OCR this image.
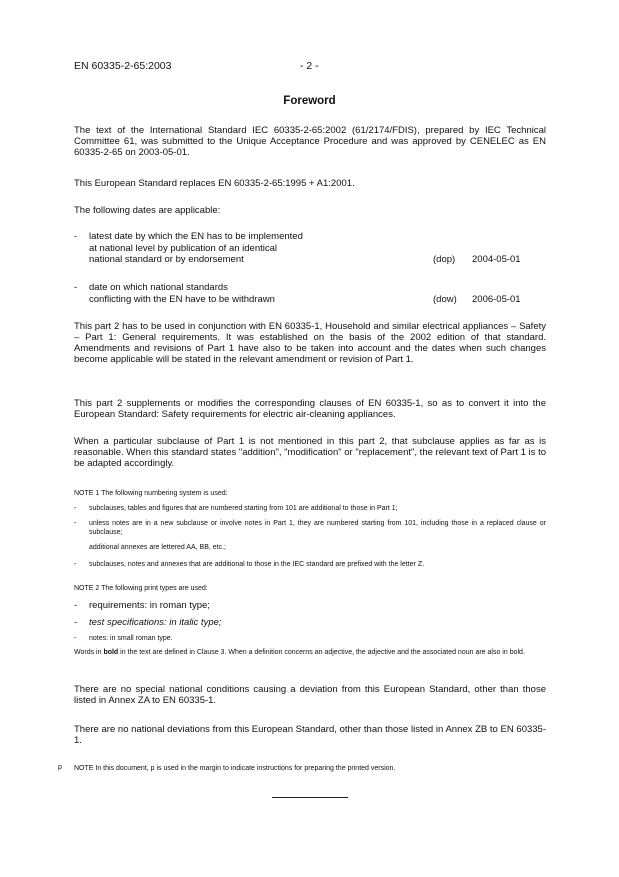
EN 60335-2-65:2003	- 2 -
Foreword

The text of the International Standard IEC 60335-2-65:2002 (61/2174/FDIS), prepared by IEC Technical Committee 61, was submitted to the Unique Acceptance Procedure and was approved by CENELEC as EN 60335-2-65 on 2003-05-01.

This European Standard replaces EN 60335-2-65:1995 + A1:2001.

The following dates are applicable:

- latest date by which the EN has to be implemented
at national level by publication of an identical
national standard or by endorsement	(dop) 2004-05-01
- date on which national standards
conflicting with the EN have to be withdrawn	(dow) 2006-05-01

This part 2 has to be used in conjunction with EN 60335-1, Household and similar electrical appliances – Safety – Part 1: General requirements. It was established on the basis of the 2002 edition of that standard. Amendments and revisions of Part 1 have also to be taken into account and the dates when such changes become applicable will be stated in the relevant amendment or revision of Part 1.

This part 2 supplements or modifies the corresponding clauses of EN 60335-1, so as to convert it into the European Standard: Safety requirements for electric air-cleaning appliances.

When a particular subclause of Part 1 is not mentioned in this part 2, that subclause applies as far as is reasonable. When this standard states "addition", "modification" or "replacement", the relevant text of Part 1 is to be adapted accordingly.

NOTE 1 The following numbering system is used:
- subclauses, tables and figures that are numbered starting from 101 are additional to those in Part 1;
- unless notes are in a new subclause or involve notes in Part 1, they are numbered starting from 101, including those in a replaced clause or subclause;
additional annexes are lettered AA, BB, etc.;
- subclauses, notes and annexes that are additional to those in the IEC standard are prefixed with the letter Z.
NOTE 2 The following print types are used:
- requirements: in roman type;
- test specifications: in italic type;
- notes: in small roman type.
Words in bold in the text are defined in Clause 3. When a definition concerns an adjective, the adjective and the associated noun are also in bold.

There are no special national conditions causing a deviation from this European Standard, other than those listed in Annex ZA to EN 60335-1.

There are no national deviations from this European Standard, other than those listed in Annex ZB to EN 60335-1.

p NOTE In this document, p is used in the margin to indicate instructions for preparing the printed version.
